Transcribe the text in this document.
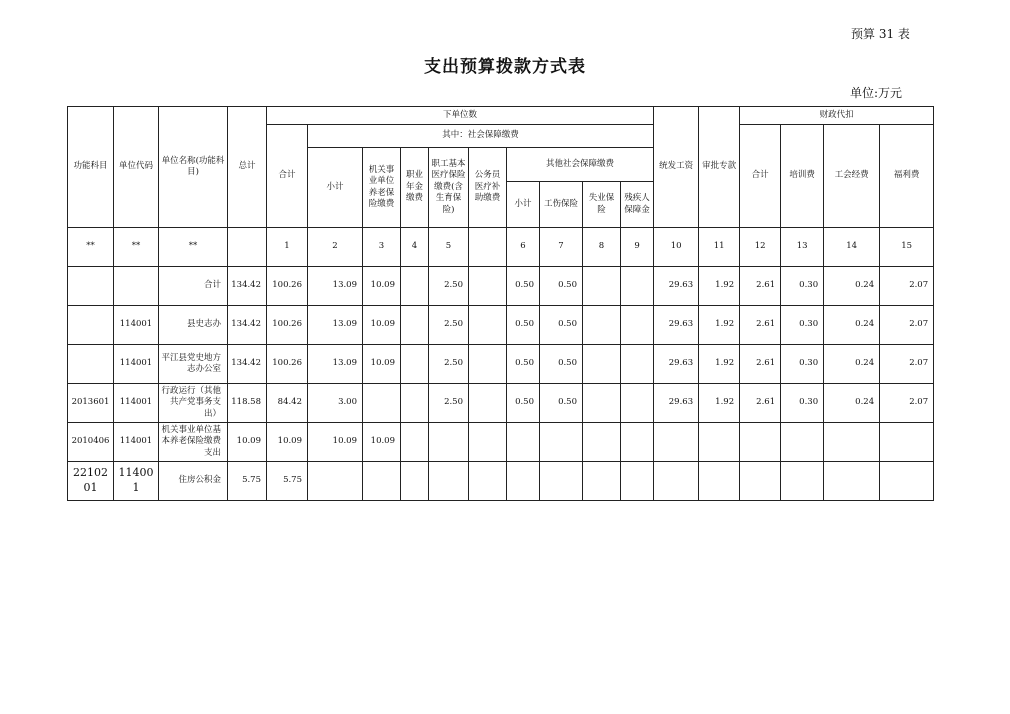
预算 31 表
支出预算拨款方式表
单位:万元
功能科目	单位代码	单位名称(功能科目)	总计	下单位数										统发工资	审批专款	财政代扣			
				合计	其中：社会保障缴费											合计	培训费	工会经费	福利费
					小计	机关事业单位养老保险缴费	职业年金缴费	职工基本医疗保险缴费(含生育保险)	公务员医疗补助缴费	其他社会保障缴费									
										小计	工伤保险	失业保险	残疾人保障金						
**	**	**		1	2	3	4	5		6	7	8	9	10	11	12	13	14	15
		合计	134.42	100.26	13.09	10.09		2.50		0.50	0.50			29.63	1.92	2.61	0.30	0.24	2.07
	114001	县史志办	134.42	100.26	13.09	10.09		2.50		0.50	0.50			29.63	1.92	2.61	0.30	0.24	2.07
	114001	平江县党史地方志办公室	134.42	100.26	13.09	10.09		2.50		0.50	0.50			29.63	1.92	2.61	0.30	0.24	2.07
2013601	114001	行政运行（其他共产党事务支出）	118.58	84.42	3.00			2.50		0.50	0.50			29.63	1.92	2.61	0.30	0.24	2.07
2010406	114001	机关事业单位基本养老保险缴费支出	10.09	10.09	10.09	10.09													
2210201	114001	住房公积金	5.75	5.75															
